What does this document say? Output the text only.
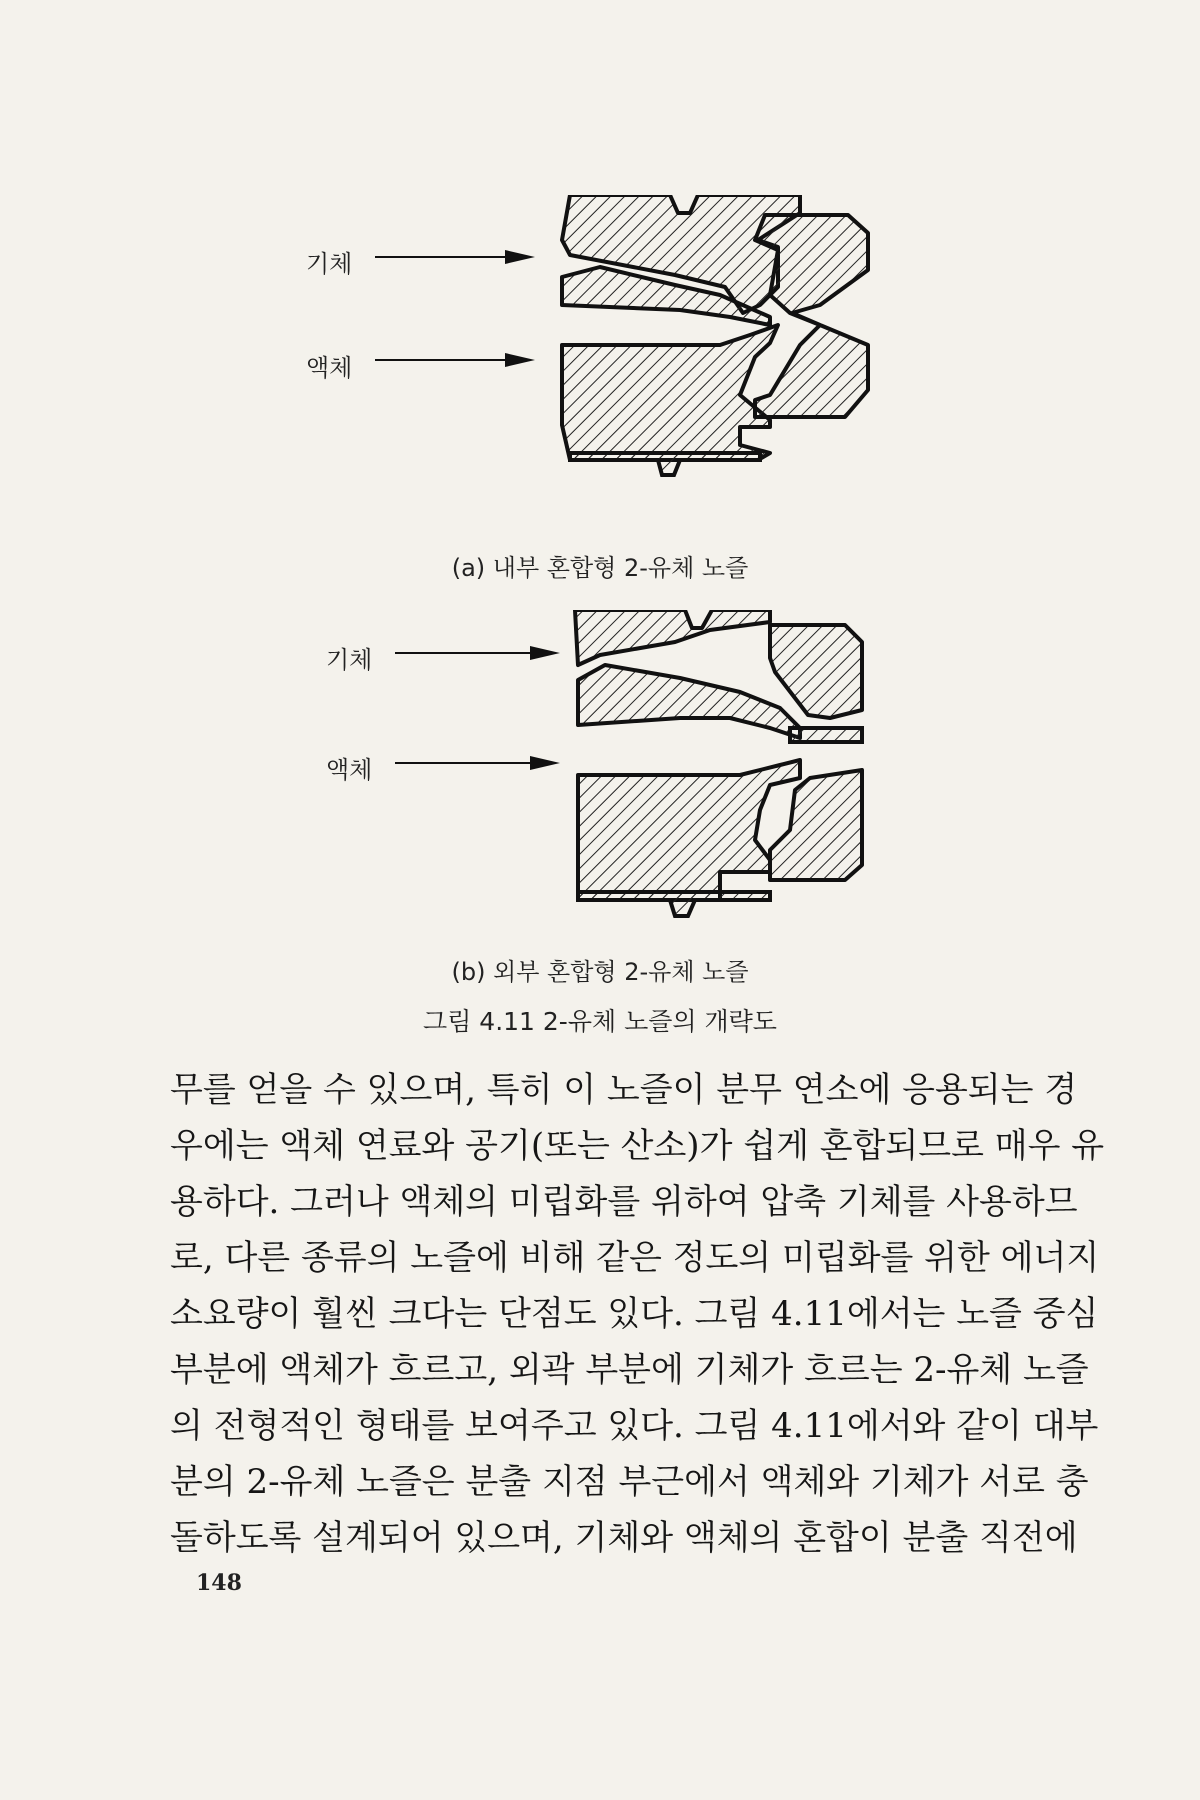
기체
액체
(a) 내부 혼합형 2-유체 노즐
기체
액체
(b) 외부 혼합형 2-유체 노즐
그림 4.11 2-유체 노즐의 개략도

무를 얻을 수 있으며, 특히 이 노즐이 분무 연소에 응용되는 경

우에는 액체 연료와 공기(또는 산소)가 쉽게 혼합되므로 매우 유

용하다. 그러나 액체의 미립화를 위하여 압축 기체를 사용하므

로, 다른 종류의 노즐에 비해 같은 정도의 미립화를 위한 에너지

소요량이 훨씬 크다는 단점도 있다. 그림 4.11에서는 노즐 중심

부분에 액체가 흐르고, 외곽 부분에 기체가 흐르는 2-유체 노즐

의 전형적인 형태를 보여주고 있다. 그림 4.11에서와 같이 대부

분의 2-유체 노즐은 분출 지점 부근에서 액체와 기체가 서로 충

돌하도록 설계되어 있으며, 기체와 액체의 혼합이 분출 직전에

148
